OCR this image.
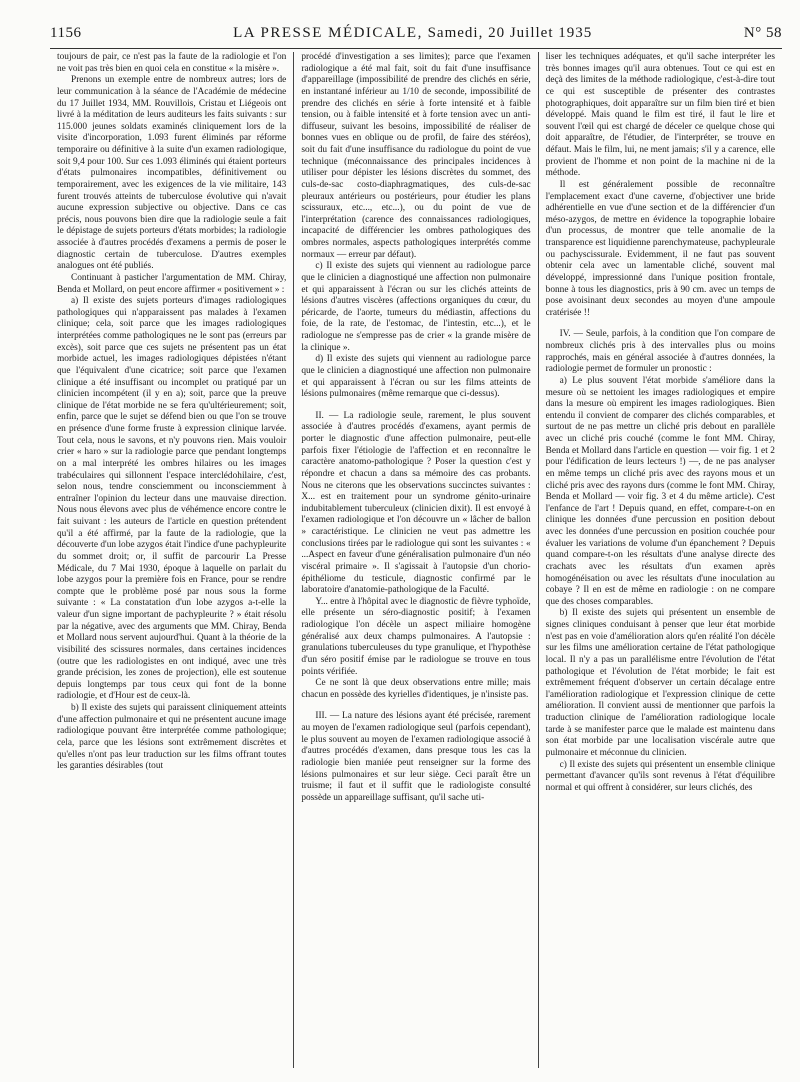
1156	LA PRESSE MÉDICALE, Samedi, 20 Juillet 1935	N° 58

toujours de pair, ce n'est pas la faute de la radiologie et l'on ne voit pas très bien en quoi cela en constitue « la misère ».

Prenons un exemple entre de nombreux autres; lors de leur communication à la séance de l'Académie de médecine du 17 Juillet 1934, MM. Rouvillois, Cristau et Liégeois ont livré à la méditation de leurs auditeurs les faits suivants : sur 115.000 jeunes soldats examinés cliniquement lors de la visite d'incorporation, 1.093 furent éliminés par réforme temporaire ou définitive à la suite d'un examen radiologique, soit 9,4 pour 100. Sur ces 1.093 éliminés qui étaient porteurs d'états pulmonaires incompatibles, définitivement ou temporairement, avec les exigences de la vie militaire, 143 furent trouvés atteints de tuberculose évolutive qui n'avait aucune expression subjective ou objective. Dans ce cas précis, nous pouvons bien dire que la radiologie seule a fait le dépistage de sujets porteurs d'états morbides; la radiologie associée à d'autres procédés d'examens a permis de poser le diagnostic certain de tuberculose. D'autres exemples analogues ont été publiés.

Continuant à pasticher l'argumentation de MM. Chiray, Benda et Mollard, on peut encore affirmer « positivement » :

a) Il existe des sujets porteurs d'images radiologiques pathologiques qui n'apparaissent pas malades à l'examen clinique; cela, soit parce que les images radiologiques interprétées comme pathologiques ne le sont pas (erreurs par excès), soit parce que ces sujets ne présentent pas un état morbide actuel, les images radiologiques dépistées n'étant que l'équivalent d'une cicatrice; soit parce que l'examen clinique a été insuffisant ou incomplet ou pratiqué par un clinicien incompétent (il y en a); soit, parce que la preuve clinique de l'état morbide ne se fera qu'ultérieurement; soit, enfin, parce que le sujet se défend bien ou que l'on se trouve en présence d'une forme fruste à expression clinique larvée. Tout cela, nous le savons, et n'y pouvons rien. Mais vouloir crier « haro » sur la radiologie parce que pendant longtemps on a mal interprété les ombres hilaires ou les images trabéculaires qui sillonnent l'espace interclédohilaire, c'est, selon nous, tendre consciemment ou inconsciemment à entraîner l'opinion du lecteur dans une mauvaise direction. Nous nous élevons avec plus de véhémence encore contre le fait suivant : les auteurs de l'article en question prétendent qu'il a été affirmé, par la faute de la radiologie, que la découverte d'un lobe azygos était l'indice d'une pachypleurite du sommet droit; or, il suffit de parcourir La Presse Médicale, du 7 Mai 1930, époque à laquelle on parlait du lobe azygos pour la première fois en France, pour se rendre compte que le problème posé par nous sous la forme suivante : « La constatation d'un lobe azygos a-t-elle la valeur d'un signe important de pachypleurite ? » était résolu par la négative, avec des arguments que MM. Chiray, Benda et Mollard nous servent aujourd'hui. Quant à la théorie de la visibilité des scissures normales, dans certaines incidences (outre que les radiologistes en ont indiqué, avec une très grande précision, les zones de projection), elle est soutenue depuis longtemps par tous ceux qui font de la bonne radiologie, et d'Hour est de ceux-là.

b) Il existe des sujets qui paraissent cliniquement atteints d'une affection pulmonaire et qui ne présentent aucune image radiologique pouvant être interprétée comme pathologique; cela, parce que les lésions sont extrêmement discrètes et qu'elles n'ont pas leur traduction sur les films offrant toutes les garanties désirables (tout

procédé d'investigation a ses limites); parce que l'examen radiologique a été mal fait, soit du fait d'une insuffisance d'appareillage (impossibilité de prendre des clichés en série, en instantané inférieur au 1/10 de seconde, impossibilité de prendre des clichés en série à forte intensité et à faible tension, ou à faible intensité et à forte tension avec un anti-diffuseur, suivant les besoins, impossibilité de réaliser de bonnes vues en oblique ou de profil, de faire des stéréos), soit du fait d'une insuffisance du radiologue du point de vue technique (méconnaissance des principales incidences à utiliser pour dépister les lésions discrètes du sommet, des culs-de-sac costo-diaphragmatiques, des culs-de-sac pleuraux antérieurs ou postérieurs, pour étudier les plans scissuraux, etc..., etc...), ou du point de vue de l'interprétation (carence des connaissances radiologiques, incapacité de différencier les ombres pathologiques des ombres normales, aspects pathologiques interprétés comme normaux — erreur par défaut).

c) Il existe des sujets qui viennent au radiologue parce que le clinicien a diagnostiqué une affection non pulmonaire et qui apparaissent à l'écran ou sur les clichés atteints de lésions d'autres viscères (affections organiques du cœur, du péricarde, de l'aorte, tumeurs du médiastin, affections du foie, de la rate, de l'estomac, de l'intestin, etc...), et le radiologue ne s'empresse pas de crier « la grande misère de la clinique ».

d) Il existe des sujets qui viennent au radiologue parce que le clinicien a diagnostiqué une affection non pulmonaire et qui apparaissent à l'écran ou sur les films atteints de lésions pulmonaires (même remarque que ci-dessus).

II. — La radiologie seule, rarement, le plus souvent associée à d'autres procédés d'examens, ayant permis de porter le diagnostic d'une affection pulmonaire, peut-elle parfois fixer l'étiologie de l'affection et en reconnaître le caractère anatomo-pathologique ? Poser la question c'est y répondre et chacun a dans sa mémoire des cas probants. Nous ne citerons que les observations succinctes suivantes : X... est en traitement pour un syndrome génito-urinaire indubitablement tuberculeux (clinicien dixit). Il est envoyé à l'examen radiologique et l'on découvre un « lâcher de ballon » caractéristique. Le clinicien ne veut pas admettre les conclusions tirées par le radiologue qui sont les suivantes : « ...Aspect en faveur d'une généralisation pulmonaire d'un néo viscéral primaire ». Il s'agissait à l'autopsie d'un chorio-épithéliome du testicule, diagnostic confirmé par le laboratoire d'anatomie-pathologique de la Faculté.

Y... entre à l'hôpital avec le diagnostic de fièvre typhoïde, elle présente un séro-diagnostic positif; à l'examen radiologique l'on décèle un aspect miliaire homogène généralisé aux deux champs pulmonaires. A l'autopsie : granulations tuberculeuses du type granulique, et l'hypothèse d'un séro positif émise par le radiologue se trouve en tous points vérifiée.

Ce ne sont là que deux observations entre mille; mais chacun en possède des kyrielles d'identiques, je n'insiste pas.

III. — La nature des lésions ayant été précisée, rarement au moyen de l'examen radiologique seul (parfois cependant), le plus souvent au moyen de l'examen radiologique associé à d'autres procédés d'examen, dans presque tous les cas la radiologie bien maniée peut renseigner sur la forme des lésions pulmonaires et sur leur siège. Ceci paraît être un truisme; il faut et il suffit que le radiologiste consulté possède un appareillage suffisant, qu'il sache uti-

liser les techniques adéquates, et qu'il sache interpréter les très bonnes images qu'il aura obtenues. Tout ce qui est en deçà des limites de la méthode radiologique, c'est-à-dire tout ce qui est susceptible de présenter des contrastes photographiques, doit apparaître sur un film bien tiré et bien développé. Mais quand le film est tiré, il faut le lire et souvent l'œil qui est chargé de déceler ce quelque chose qui doit apparaître, de l'étudier, de l'interpréter, se trouve en défaut. Mais le film, lui, ne ment jamais; s'il y a carence, elle provient de l'homme et non point de la machine ni de la méthode.

Il est généralement possible de reconnaître l'emplacement exact d'une caverne, d'objectiver une bride adhérentielle en vue d'une section et de la différencier d'un méso-azygos, de mettre en évidence la topographie lobaire d'un processus, de montrer que telle anomalie de la transparence est liquidienne parenchymateuse, pachypleurale ou pachyscissurale. Evidemment, il ne faut pas souvent obtenir cela avec un lamentable cliché, souvent mal développé, impressionné dans l'unique position frontale, bonne à tous les diagnostics, pris à 90 cm. avec un temps de pose avoisinant deux secondes au moyen d'une ampoule cratérisée !!

IV. — Seule, parfois, à la condition que l'on compare de nombreux clichés pris à des intervalles plus ou moins rapprochés, mais en général associée à d'autres données, la radiologie permet de formuler un pronostic :

a) Le plus souvent l'état morbide s'améliore dans la mesure où se nettoient les images radiologiques et empire dans la mesure où empirent les images radiologiques. Bien entendu il convient de comparer des clichés comparables, et surtout de ne pas mettre un cliché pris debout en parallèle avec un cliché pris couché (comme le font MM. Chiray, Benda et Mollard dans l'article en question — voir fig. 1 et 2 pour l'édification de leurs lecteurs !) —, de ne pas analyser en même temps un cliché pris avec des rayons mous et un cliché pris avec des rayons durs (comme le font MM. Chiray, Benda et Mollard — voir fig. 3 et 4 du même article). C'est l'enfance de l'art ! Depuis quand, en effet, compare-t-on en clinique les données d'une percussion en position debout avec les données d'une percussion en position couchée pour évaluer les variations de volume d'un épanchement ? Depuis quand compare-t-on les résultats d'une analyse directe des crachats avec les résultats d'un examen après homogénéisation ou avec les résultats d'une inoculation au cobaye ? Il en est de même en radiologie : on ne compare que des choses comparables.

b) Il existe des sujets qui présentent un ensemble de signes cliniques conduisant à penser que leur état morbide n'est pas en voie d'amélioration alors qu'en réalité l'on décèle sur les films une amélioration certaine de l'état pathologique local. Il n'y a pas un parallélisme entre l'évolution de l'état pathologique et l'évolution de l'état morbide; le fait est extrêmement fréquent d'observer un certain décalage entre l'amélioration radiologique et l'expression clinique de cette amélioration. Il convient aussi de mentionner que parfois la traduction clinique de l'amélioration radiologique locale tarde à se manifester parce que le malade est maintenu dans son état morbide par une localisation viscérale autre que pulmonaire et méconnue du clinicien.

c) Il existe des sujets qui présentent un ensemble clinique permettant d'avancer qu'ils sont revenus à l'état d'équilibre normal et qui offrent à considérer, sur leurs clichés, des
